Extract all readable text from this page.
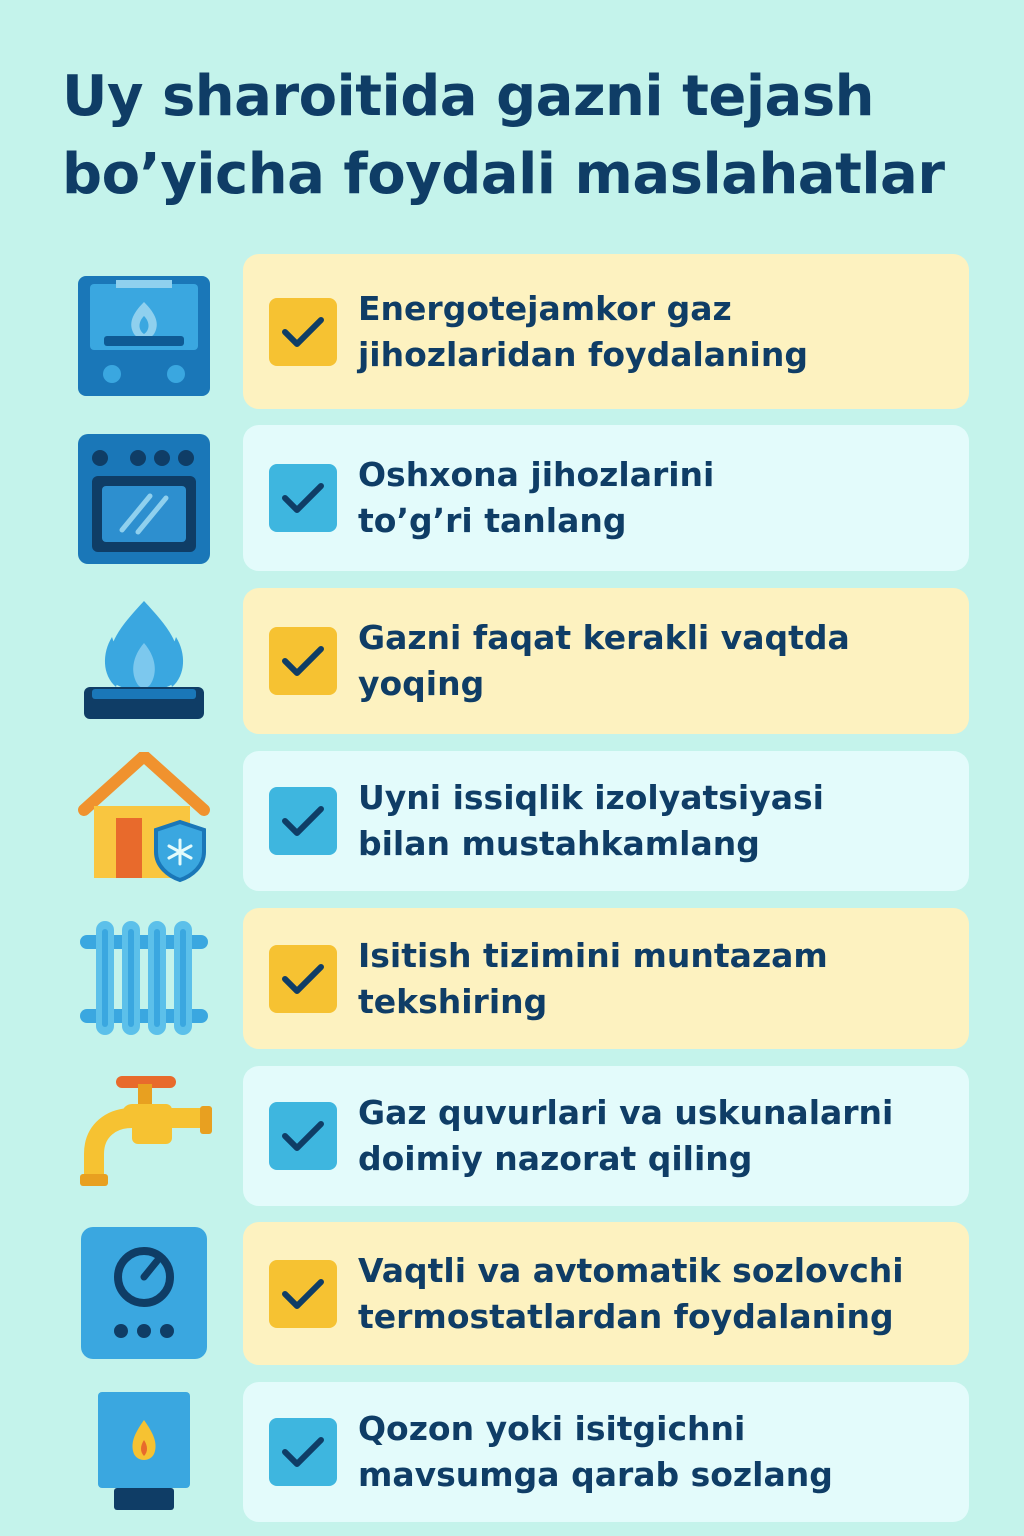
Uy sharoitida gazni tejash
bo’yicha foydali maslahatlar
Energotejamkor gaz
jihozlaridan foydalaning
Oshxona jihozlarini
to’g’ri tanlang
Gazni faqat kerakli vaqtda
yoqing
Uyni issiqlik izolyatsiyasi
bilan mustahkamlang
Isitish tizimini muntazam
tekshiring
Gaz quvurlari va uskunalarni
doimiy nazorat qiling
Vaqtli va avtomatik sozlovchi
termostatlardan foydalaning
Qozon yoki isitgichni
mavsumga qarab sozlang
